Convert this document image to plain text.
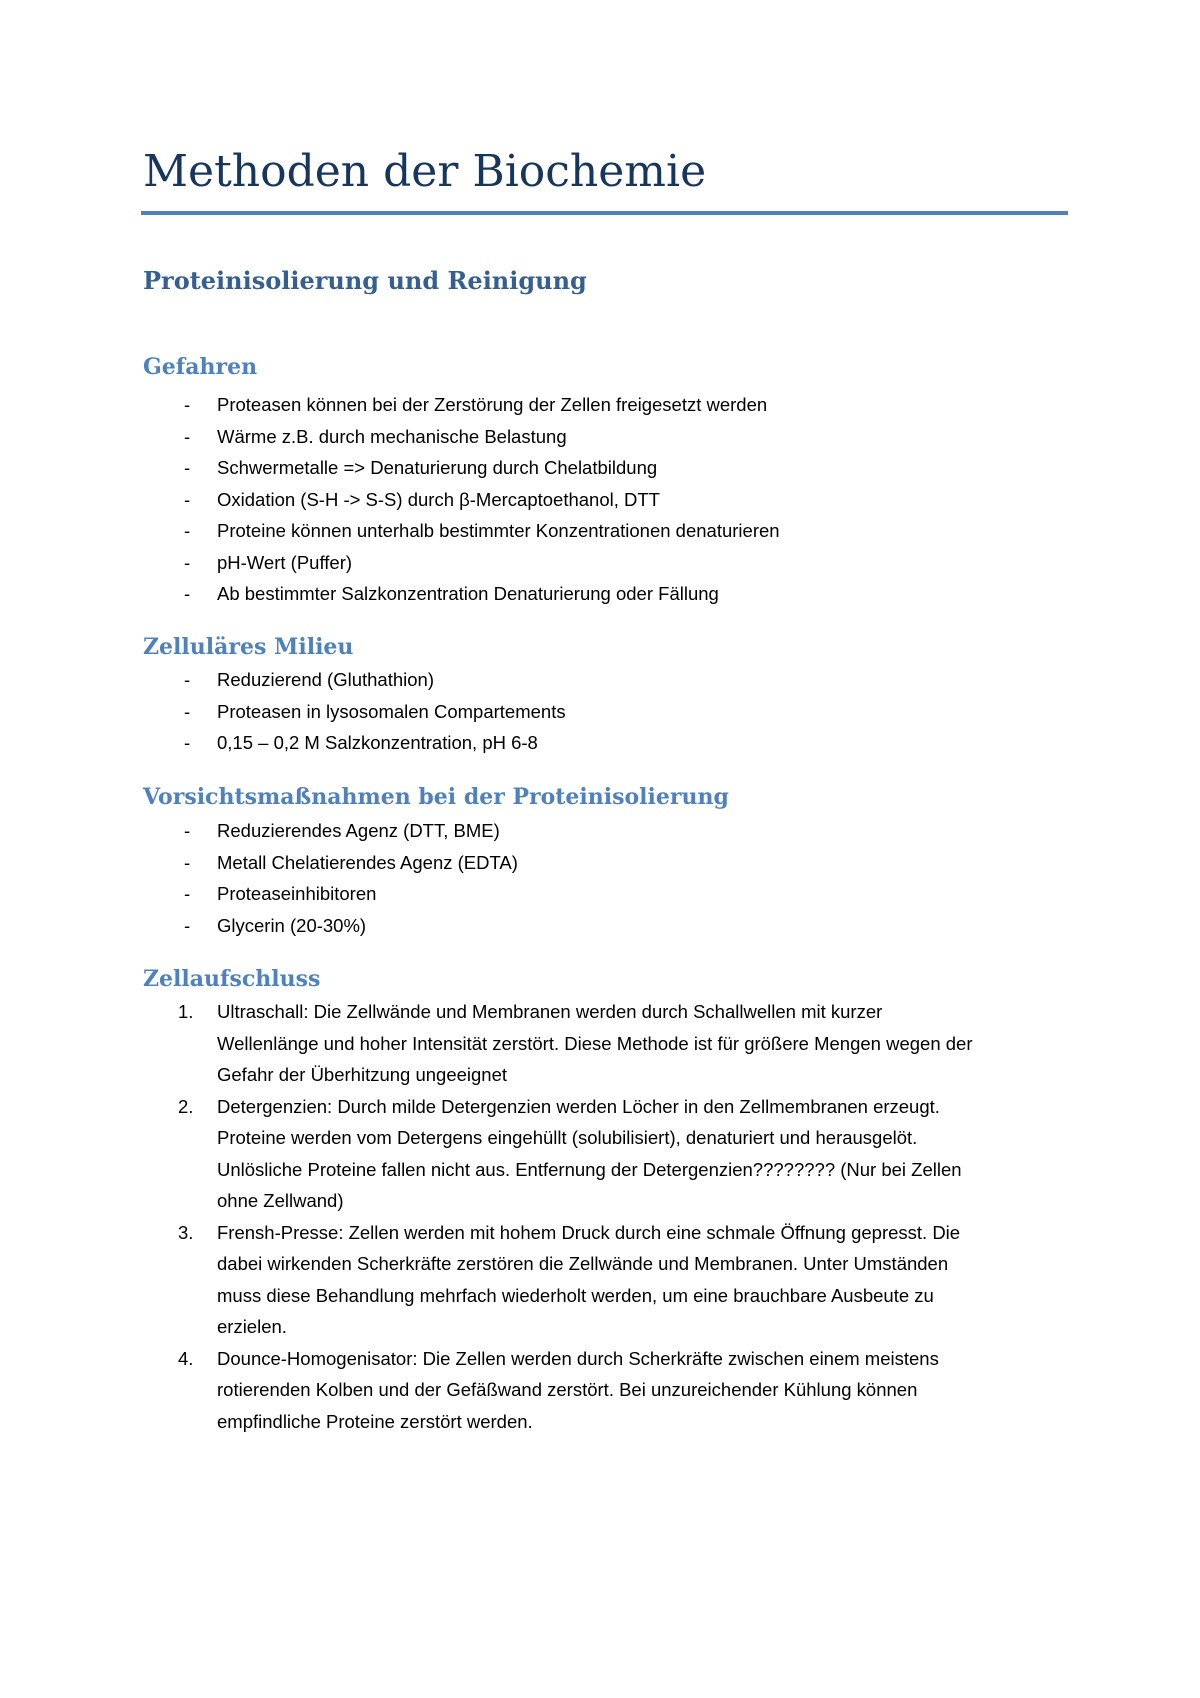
Methoden der Biochemie
Proteinisolierung und Reinigung
Gefahren
- Proteasen können bei der Zerstörung der Zellen freigesetzt werden
- Wärme z.B. durch mechanische Belastung
- Schwermetalle => Denaturierung durch Chelatbildung
- Oxidation (S-H -> S-S) durch β-Mercaptoethanol, DTT
- Proteine können unterhalb bestimmter Konzentrationen denaturieren
- pH-Wert (Puffer)
- Ab bestimmter Salzkonzentration Denaturierung oder Fällung
Zelluläres Milieu
- Reduzierend (Gluthathion)
- Proteasen in lysosomalen Compartements
- 0,15 – 0,2 M Salzkonzentration, pH 6-8
Vorsichtsmaßnahmen bei der Proteinisolierung
- Reduzierendes Agenz (DTT, BME)
- Metall Chelatierendes Agenz (EDTA)
- Proteaseinhibitoren
- Glycerin (20-30%)
Zellaufschluss
1. Ultraschall: Die Zellwände und Membranen werden durch Schallwellen mit kurzer
Wellenlänge und hoher Intensität zerstört. Diese Methode ist für größere Mengen wegen der
Gefahr der Überhitzung ungeeignet
2. Detergenzien: Durch milde Detergenzien werden Löcher in den Zellmembranen erzeugt.
Proteine werden vom Detergens eingehüllt (solubilisiert), denaturiert und herausgelöt.
Unlösliche Proteine fallen nicht aus. Entfernung der Detergenzien???????? (Nur bei Zellen
ohne Zellwand)
3. Frensh-Presse: Zellen werden mit hohem Druck durch eine schmale Öffnung gepresst. Die
dabei wirkenden Scherkräfte zerstören die Zellwände und Membranen. Unter Umständen
muss diese Behandlung mehrfach wiederholt werden, um eine brauchbare Ausbeute zu
erzielen.
4. Dounce-Homogenisator: Die Zellen werden durch Scherkräfte zwischen einem meistens
rotierenden Kolben und der Gefäßwand zerstört. Bei unzureichender Kühlung können
empfindliche Proteine zerstört werden.
